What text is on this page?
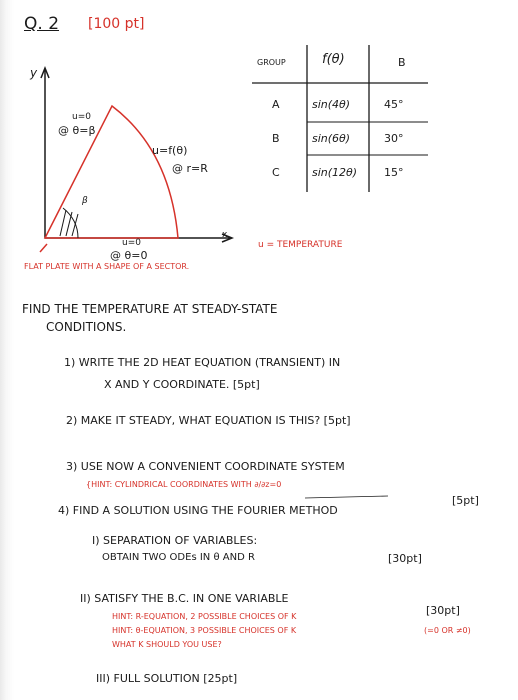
Q. 2 [100 pt]
y
x
u=0
@ θ=β
u=f(θ)
@ r=R
β
u=0
@ θ=0
FLAT PLATE WITH A SHAPE OF A SECTOR.
GROUP	f(θ)	B
A	sin(4θ)	45°
B	sin(6θ)	30°
C	sin(12θ) 15°
u = TEMPERATURE
FIND THE TEMPERATURE AT STEADY-STATE
CONDITIONS.
1) WRITE THE 2D HEAT EQUATION (TRANSIENT) IN
X AND Y COORDINATE. [5pt]
2) MAKE IT STEADY, WHAT EQUATION IS THIS? [5pt]
3) USE NOW A CONVENIENT COORDINATE SYSTEM
{HINT: CYLINDRICAL COORDINATES WITH ∂/∂z=0
[5pt]
4) FIND A SOLUTION USING THE FOURIER METHOD
I) SEPARATION OF VARIABLES:
[30pt]
OBTAIN TWO ODEs IN θ AND R
II) SATISFY THE B.C. IN ONE VARIABLE
[30pt]
HINT: R-EQUATION, 2 POSSIBLE CHOICES OF K
HINT: θ-EQUATION, 3 POSSIBLE CHOICES OF K	(=0 OR ≠0)
WHAT K SHOULD YOU USE?
III) FULL SOLUTION [25pt]
